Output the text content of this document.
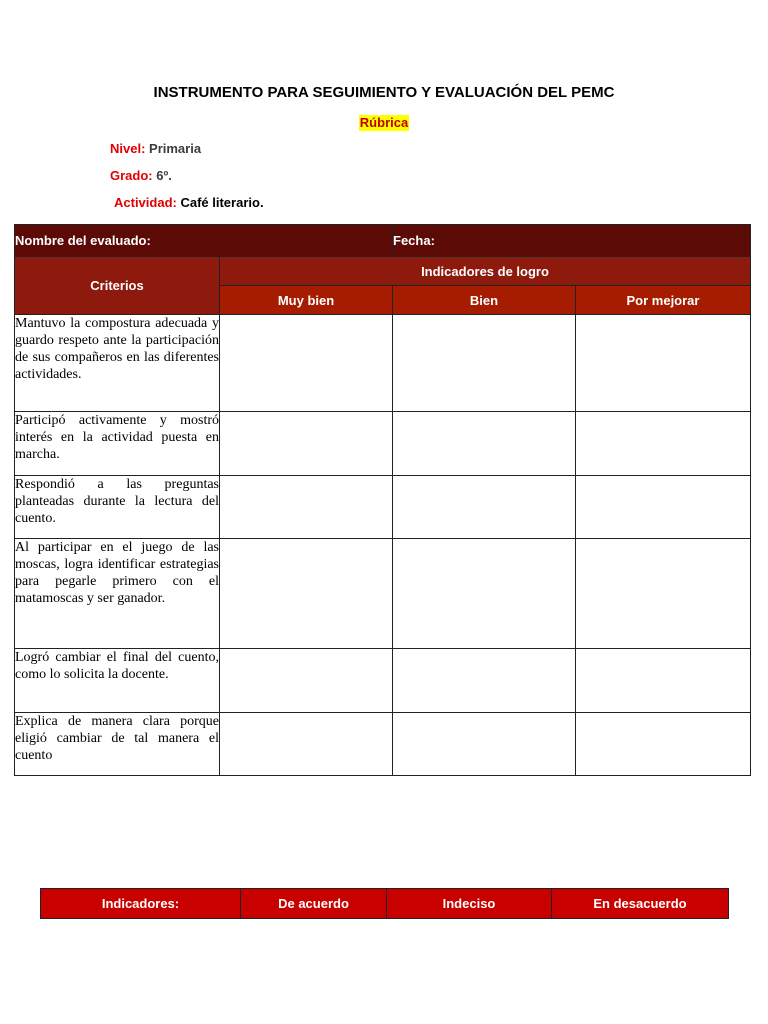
INSTRUMENTO PARA SEGUIMIENTO Y EVALUACIÓN DEL PEMC
Rúbrica
Nivel: Primaria
Grado: 6º.
Actividad: Café literario.
Nombre del evaluado:		Fecha:	
Criterios	Indicadores de logro		
	Muy bien	Bien	Por mejorar
Mantuvo la compostura adecuada y guardo respeto ante la participación de sus compañeros en las diferentes actividades.			
Participó activamente y mostró interés en la actividad puesta en marcha.			
Respondió a las preguntas planteadas durante la lectura del cuento.			
Al participar en el juego de las moscas, logra identificar estrategias para pegarle primero con el matamoscas y ser ganador.			
Logró cambiar el final del cuento, como lo solicita la docente.			
Explica de manera clara porque eligió cambiar de tal manera el cuento			
Indicadores:	De acuerdo	Indeciso	En desacuerdo
